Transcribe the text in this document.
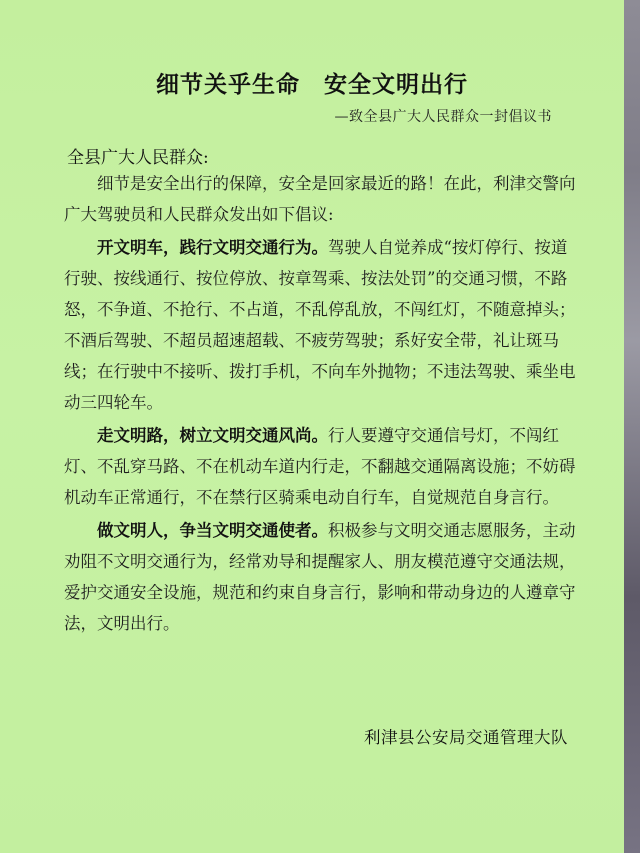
细节关乎生命　安全文明出行
—致全县广大人民群众一封倡议书
全县广大人民群众:

细节是安全出行的保障，安全是回家最近的路！在此，利津交警向广大驾驶员和人民群众发出如下倡议:

开文明车，践行文明交通行为。驾驶人自觉养成“按灯停行、按道行驶、按线通行、按位停放、按章驾乘、按法处罚”的交通习惯，不路怒，不争道、不抢行、不占道，不乱停乱放，不闯红灯，不随意掉头；不酒后驾驶、不超员超速超载、不疲劳驾驶；系好安全带，礼让斑马线；在行驶中不接听、拨打手机，不向车外抛物；不违法驾驶、乘坐电动三四轮车。

走文明路，树立文明交通风尚。行人要遵守交通信号灯，不闯红灯、不乱穿马路、不在机动车道内行走，不翻越交通隔离设施；不妨碍机动车正常通行，不在禁行区骑乘电动自行车，自觉规范自身言行。

做文明人，争当文明交通使者。积极参与文明交通志愿服务，主动劝阻不文明交通行为，经常劝导和提醒家人、朋友模范遵守交通法规，爱护交通安全设施，规范和约束自身言行，影响和带动身边的人遵章守法，文明出行。

利津县公安局交通管理大队
